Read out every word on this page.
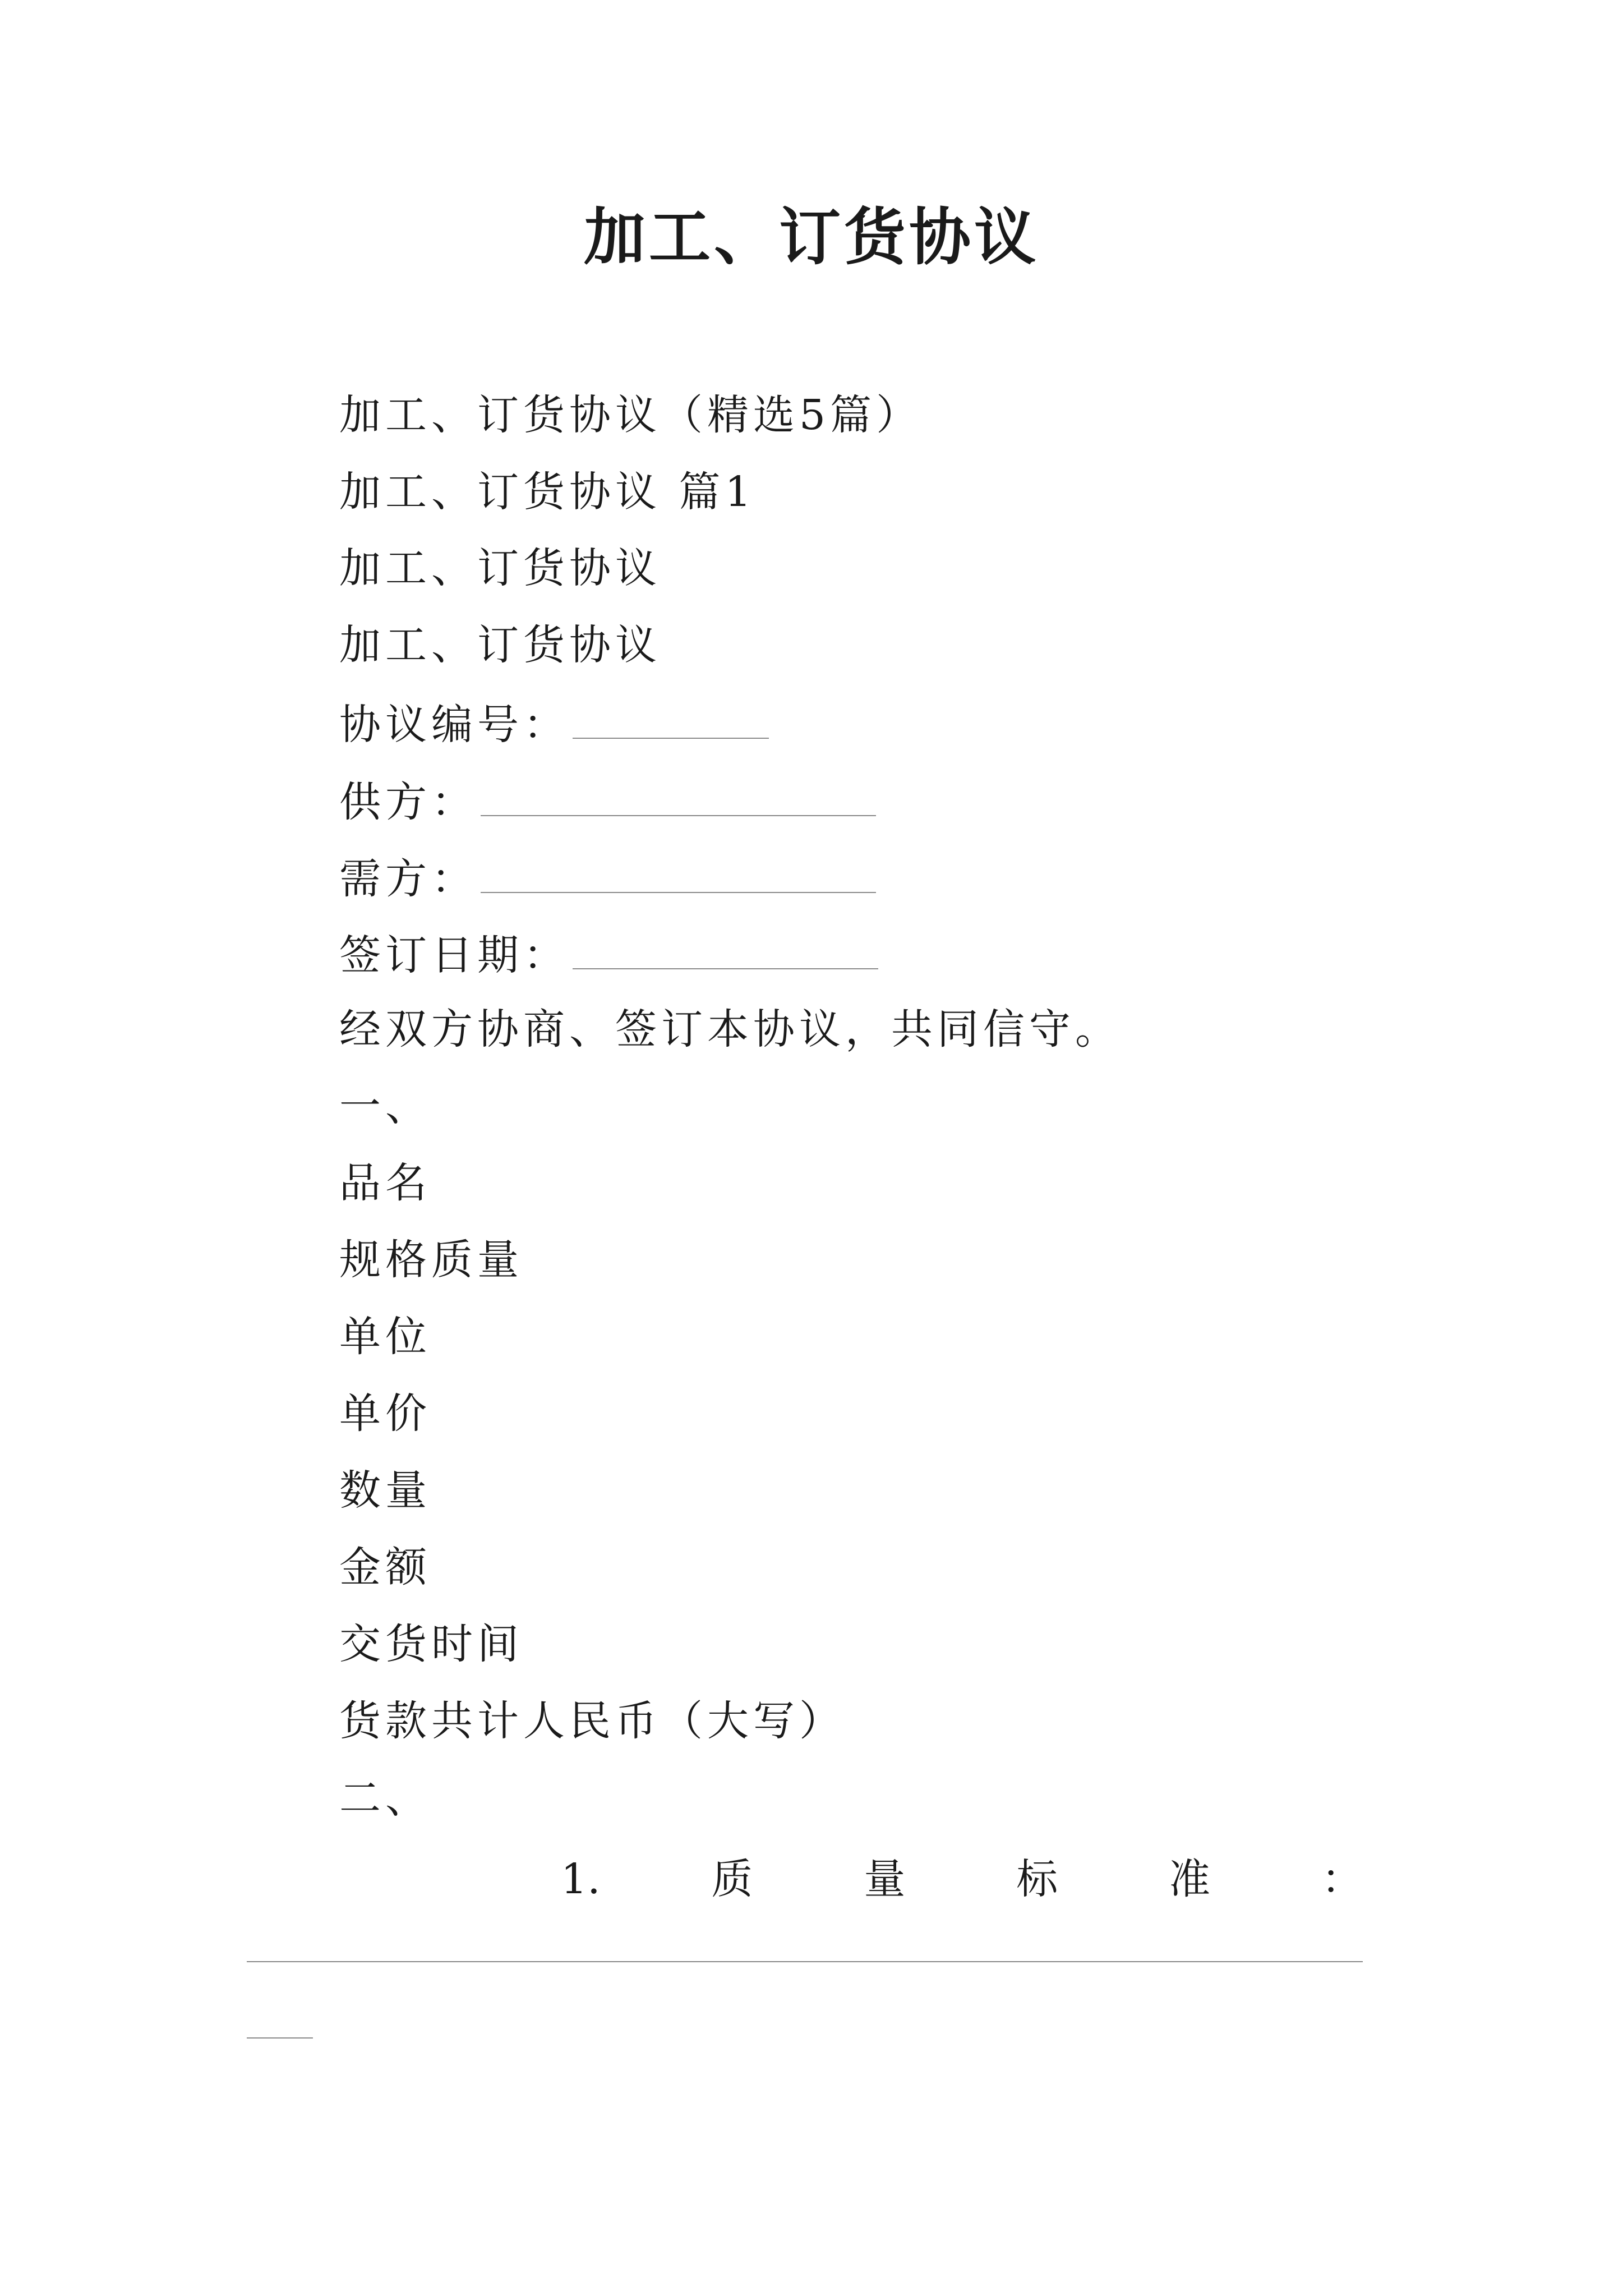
加工、订货协议
加工、订货协议（精选5篇）
加工、订货协议 篇1
加工、订货协议
加工、订货协议
协议编号：
供方：
需方：
签订日期：
经双方协商、签订本协议，共同信守。
一、
品名
规格质量
单位
单价
数量
金额
交货时间
货款共计人民币（大写）
二、
1.	质	量	标	准	：
